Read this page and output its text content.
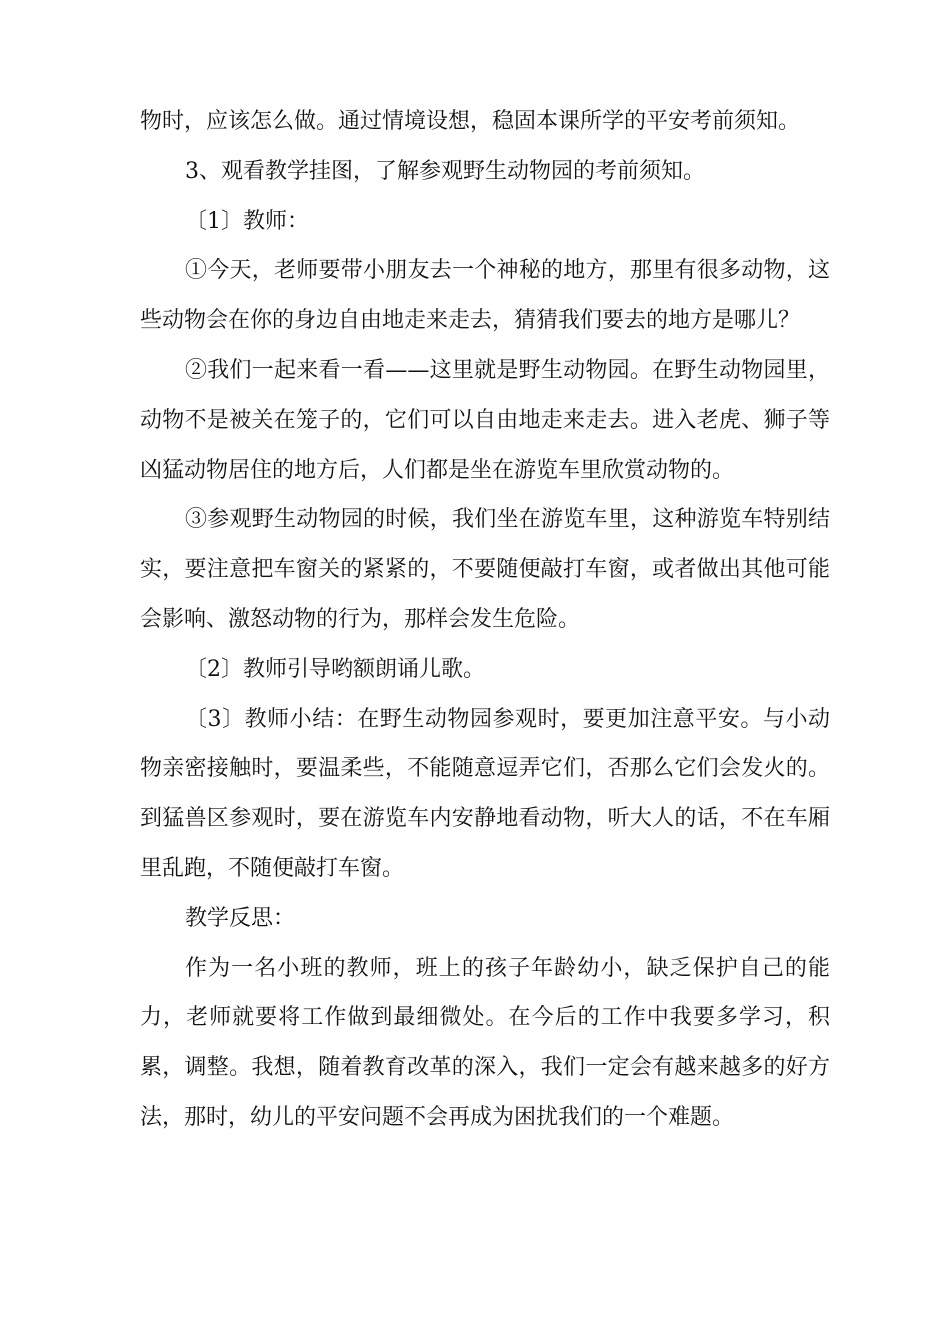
物时，应该怎么做。通过情境设想，稳固本课所学的平安考前须知。

3、观看教学挂图，了解参观野生动物园的考前须知。

〔1〕教师：

①今天，老师要带小朋友去一个神秘的地方，那里有很多动物，这些动物会在你的身边自由地走来走去，猜猜我们要去的地方是哪儿？

②我们一起来看一看——这里就是野生动物园。在野生动物园里，动物不是被关在笼子的，它们可以自由地走来走去。进入老虎、狮子等凶猛动物居住的地方后，人们都是坐在游览车里欣赏动物的。

③参观野生动物园的时候，我们坐在游览车里，这种游览车特别结实，要注意把车窗关的紧紧的，不要随便敲打车窗，或者做出其他可能会影响、激怒动物的行为，那样会发生危险。

〔2〕教师引导哟额朗诵儿歌。

〔3〕教师小结：在野生动物园参观时，要更加注意平安。与小动物亲密接触时，要温柔些，不能随意逗弄它们，否那么它们会发火的。到猛兽区参观时，要在游览车内安静地看动物，听大人的话，不在车厢里乱跑，不随便敲打车窗。

教学反思：

作为一名小班的教师，班上的孩子年龄幼小，缺乏保护自己的能力，老师就要将工作做到最细微处。在今后的工作中我要多学习，积累，调整。我想，随着教育改革的深入，我们一定会有越来越多的好方法，那时，幼儿的平安问题不会再成为困扰我们的一个难题。
